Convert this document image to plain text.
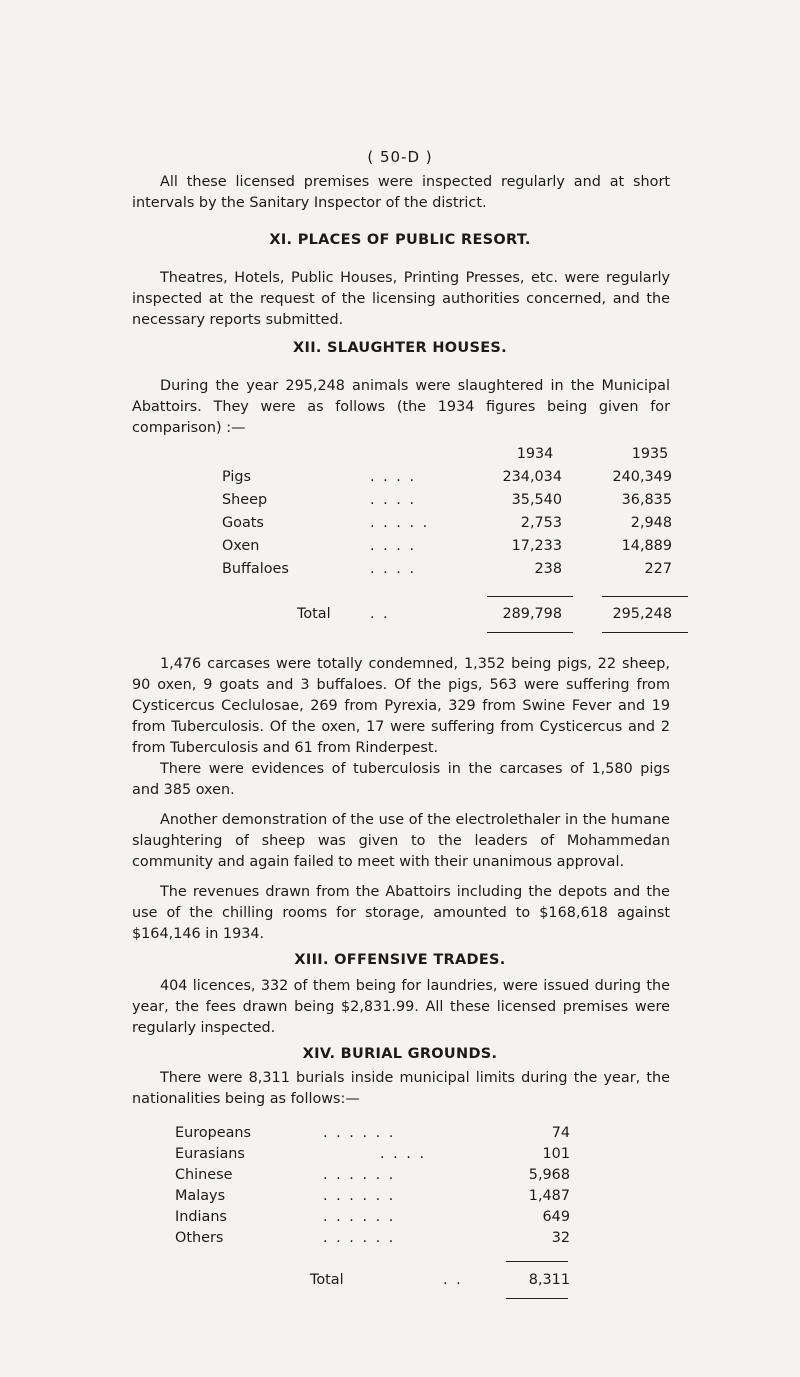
( 50-D )

All these licensed premises were inspected regularly and at short intervals by the Sanitary Inspector of the district.

XI. PLACES OF PUBLIC RESORT.

Theatres, Hotels, Public Houses, Printing Presses, etc. were regularly inspected at the request of the licensing authorities concerned, and the necessary reports submitted.

XII. SLAUGHTER HOUSES.

During the year 295,248 animals were slaughtered in the Municipal Abattoirs. They were as follows (the 1934 figures being given for comparison) :—

1934	1935
Pigs	. . . .	234,034	240,349
Sheep	. . . .	35,540	36,835
Goats	. . . . .	2,753	2,948
Oxen	. . . .	17,233	14,889
Buffaloes	. . . .	238	227
Total	. .	289,798	295,248

1,476 carcases were totally condemned, 1,352 being pigs, 22 sheep, 90 oxen, 9 goats and 3 buffaloes. Of the pigs, 563 were suffering from Cysticercus Ceclulosae, 269 from Pyrexia, 329 from Swine Fever and 19 from Tuberculosis. Of the oxen, 17 were suffering from Cysticercus and 2 from Tuberculosis and 61 from Rinderpest.

There were evidences of tuberculosis in the carcases of 1,580 pigs and 385 oxen.

Another demonstration of the use of the electrolethaler in the humane slaughtering of sheep was given to the leaders of Mohammedan community and again failed to meet with their unanimous approval.

The revenues drawn from the Abattoirs including the depots and the use of the chilling rooms for storage, amounted to $168,618 against $164,146 in 1934.

XIII. OFFENSIVE TRADES.

404 licences, 332 of them being for laundries, were issued during the year, the fees drawn being $2,831.99. All these licensed premises were regularly inspected.

XIV. BURIAL GROUNDS.

There were 8,311 burials inside municipal limits during the year, the nationalities being as follows:—

Europeans	. . . . . .	74
Eurasians	. . . .	101
Chinese	. . . . . .	5,968
Malays	. . . . . .	1,487
Indians	. . . . . .	649
Others	. . . . . .	32
Total	. .	8,311
